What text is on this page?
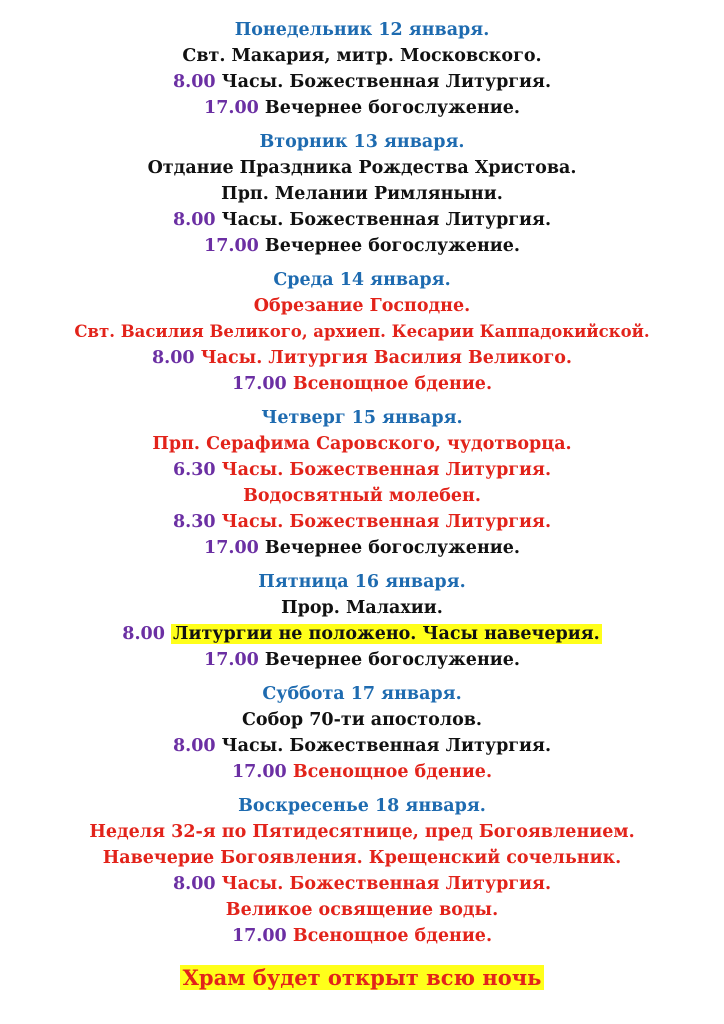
Понедельник 12 января.
Свт. Макария, митр. Московского.
8.00 Часы. Божественная Литургия.
17.00 Вечернее богослужение.
Вторник 13 января.
Отдание Праздника Рождества Христова.
Прп. Мелании Римляныни.
8.00 Часы. Божественная Литургия.
17.00 Вечернее богослужение.
Среда 14 января.
Обрезание Господне.
Свт. Василия Великого, архиеп. Кесарии Каппадокийской.
8.00 Часы. Литургия Василия Великого.
17.00 Всенощное бдение.
Четверг 15 января.
Прп. Серафима Саровского, чудотворца.
6.30 Часы. Божественная Литургия.
Водосвятный молебен.
8.30 Часы. Божественная Литургия.
17.00 Вечернее богослужение.
Пятница 16 января.
Прор. Малахии.
8.00 Литургии не положено. Часы навечерия.
17.00 Вечернее богослужение.
Суббота 17 января.
Собор 70-ти апостолов.
8.00 Часы. Божественная Литургия.
17.00 Всенощное бдение.
Воскресенье 18 января.
Неделя 32-я по Пятидесятнице, пред Богоявлением.
Навечерие Богоявления. Крещенский сочельник.
8.00 Часы. Божественная Литургия.
Великое освящение воды.
17.00 Всенощное бдение.
Храм будет открыт всю ночь
